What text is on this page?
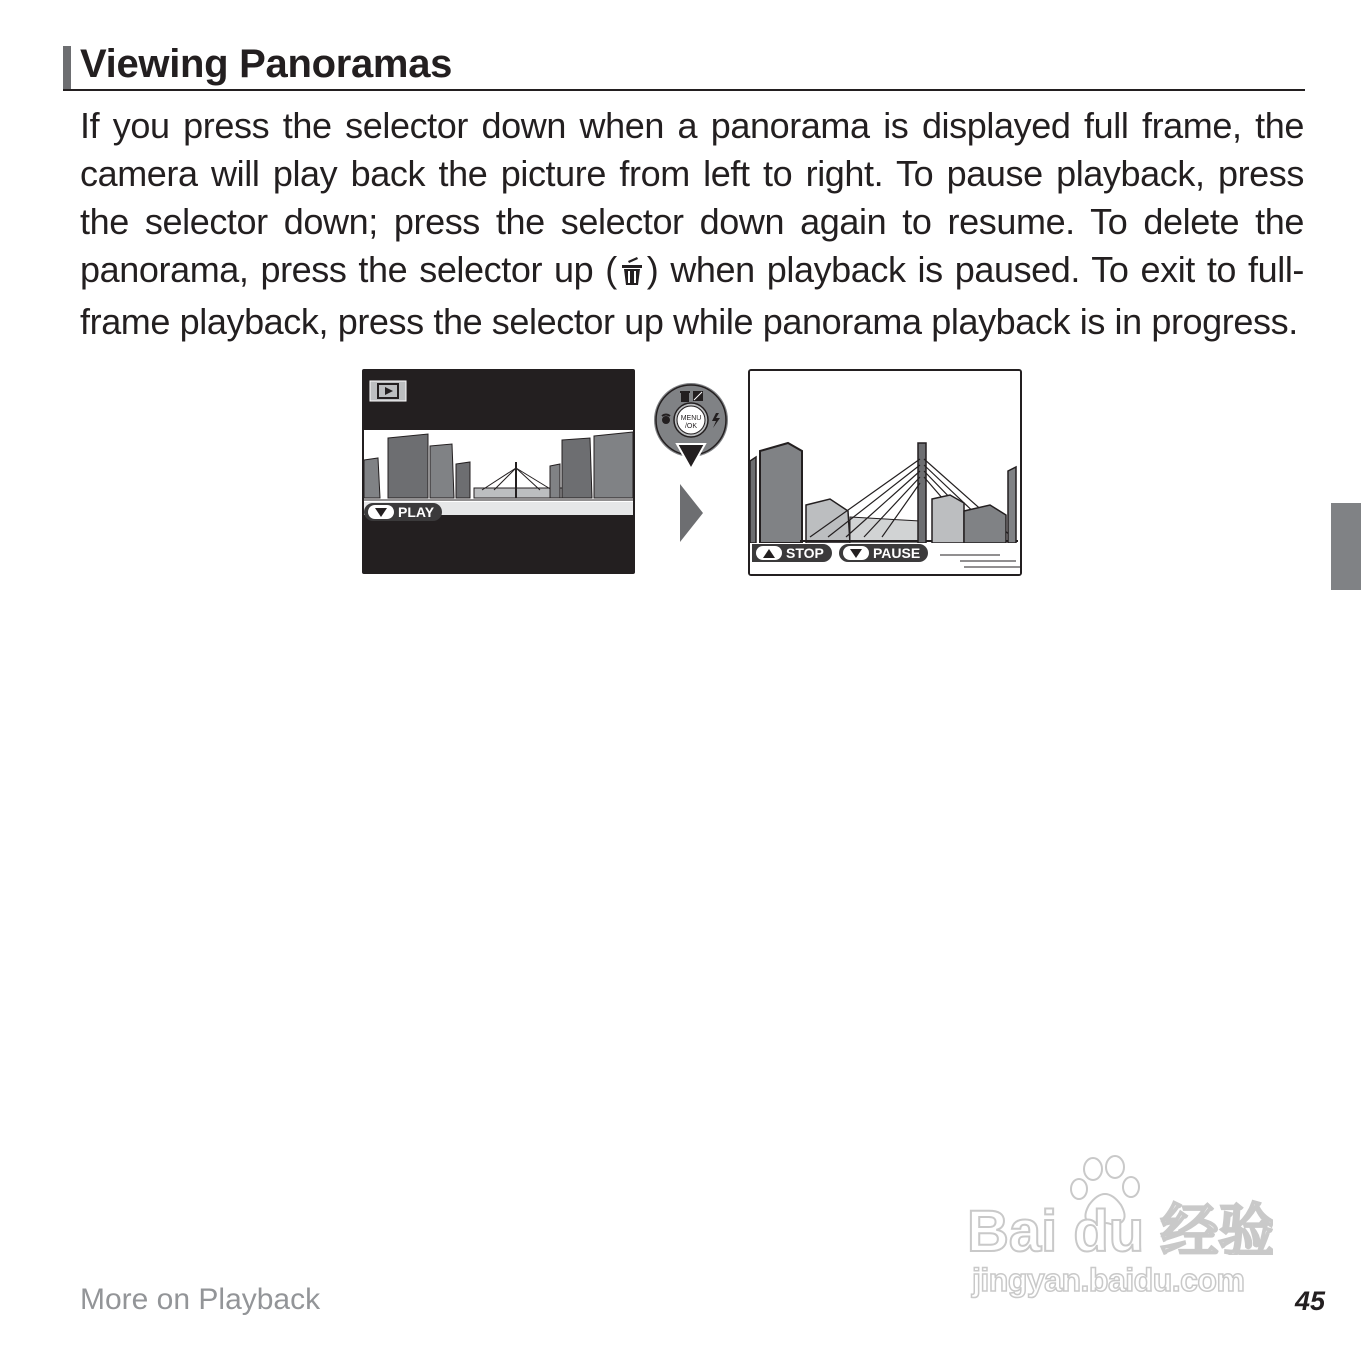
Viewing Panoramas
If you press the selector down when a panorama is displayed full frame, the camera will play back the picture from left to right. To pause playback, press the selector down; press the selector down again to resume. To delete the panorama, press the selector up ( ) when playback is paused. To exit to full-frame playback, press the selector up while panorama playback is in progress.
PLAY
MENU
/OK
STOP	PAUSE
Bai du 经验
jingyan.baidu.com
More on Playback	45
